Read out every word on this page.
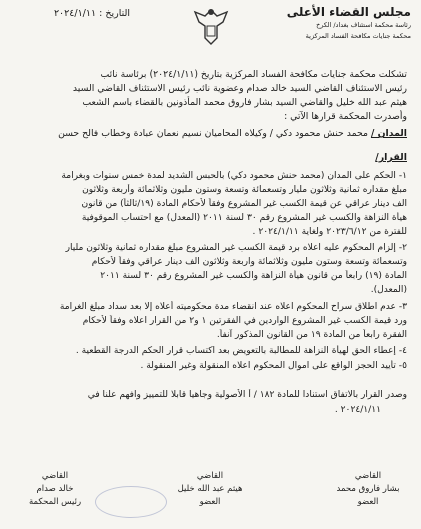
مجلس القضاء الأعلى
رئاسة محكمة استئناف بغداد/ الكرخ
محكمة جنايات مكافحة الفساد المركزية
التاريخ : ٢٠٢٤/١/١١
تشكلت محكمة جنايات مكافحة الفساد المركزية بتاريخ (٢٠٢٤/١/١١) برئاسة نائب
رئيس الاستئناف القاضي السيد خالد صدام وعضوية نائب رئيس الاستئناف القاضي السيد
هيثم عبد الله خليل والقاضي السيد بشار فاروق محمد المأذونين بالقضاء باسم الشعب
وأصدرت المحكمة قرارها الآتي :
المدان / محمد حنش محمود دكي / وكيلاه المحاميان نسيم نعمان عبادة وخطاب فالح حسن
القرار/
١- الحكم على المدان (محمد حنش محمود دكي) بالحبس الشديد لمدة خمس سنوات وبغرامة
مبلغ مقداره ثمانية وثلاثون مليار وتسعمائة وتسعة وستون مليون وثلاثمائة وأربعة وثلاثون
الف دينار عراقي عن قيمة الكسب غير المشروع وفقاً لأحكام المادة (١٩/ثالثاً) من قانون
هيأة النزاهة والكسب غير المشروع رقم ٣٠ لسنة ٢٠١١ (المعدل) مع احتساب الموقوفية
للفترة من ٢٠٢٣/٦/١٢ ولغاية ٢٠٢٤/١/١١ .
٢- إلزام المحكوم عليه اعلاه برد قيمة الكسب غير المشروع مبلغ مقداره ثمانية وثلاثون مليار
وتسعمائة وتسعة وستون مليون وثلاثمائة واربعة وثلاثون الف دينار عراقي وفقاً لأحكام
المادة (١٩) رابعاً من قانون هيأة النزاهة والكسب غير المشروع رقم ٣٠ لسنة ٢٠١١
(المعدل).
٣- عدم اطلاق سراح المحكوم اعلاه عند انقضاء مدة محكوميته أعلاه إلا بعد سداد مبلغ الغرامة
ورد قيمة الكسب غير المشروع الواردين في الفقرتين ١ و٢ من القرار اعلاه وفقاً لأحكام
الفقرة رابعاً من المادة ١٩ من القانون المذكور آنفاً.
٤- إعطاء الحق لهيأة النزاهة للمطالبة بالتعويض بعد اكتساب قرار الحكم الدرجة القطعية .
٥- تأييد الحجز الواقع على اموال المحكوم اعلاه المنقولة وغير المنقولة .
وصدر القرار بالاتفاق استنادا للمادة ١٨٢ / أ الأصولية وجاهيا قابلا للتمييز وافهم علنا في
٢٠٢٤/١/١١ .
القاضي
بشار فاروق محمد
العضو
القاضي
هيثم عبد الله خليل
العضو
القاضي
خالد صدام
رئيس المحكمة
